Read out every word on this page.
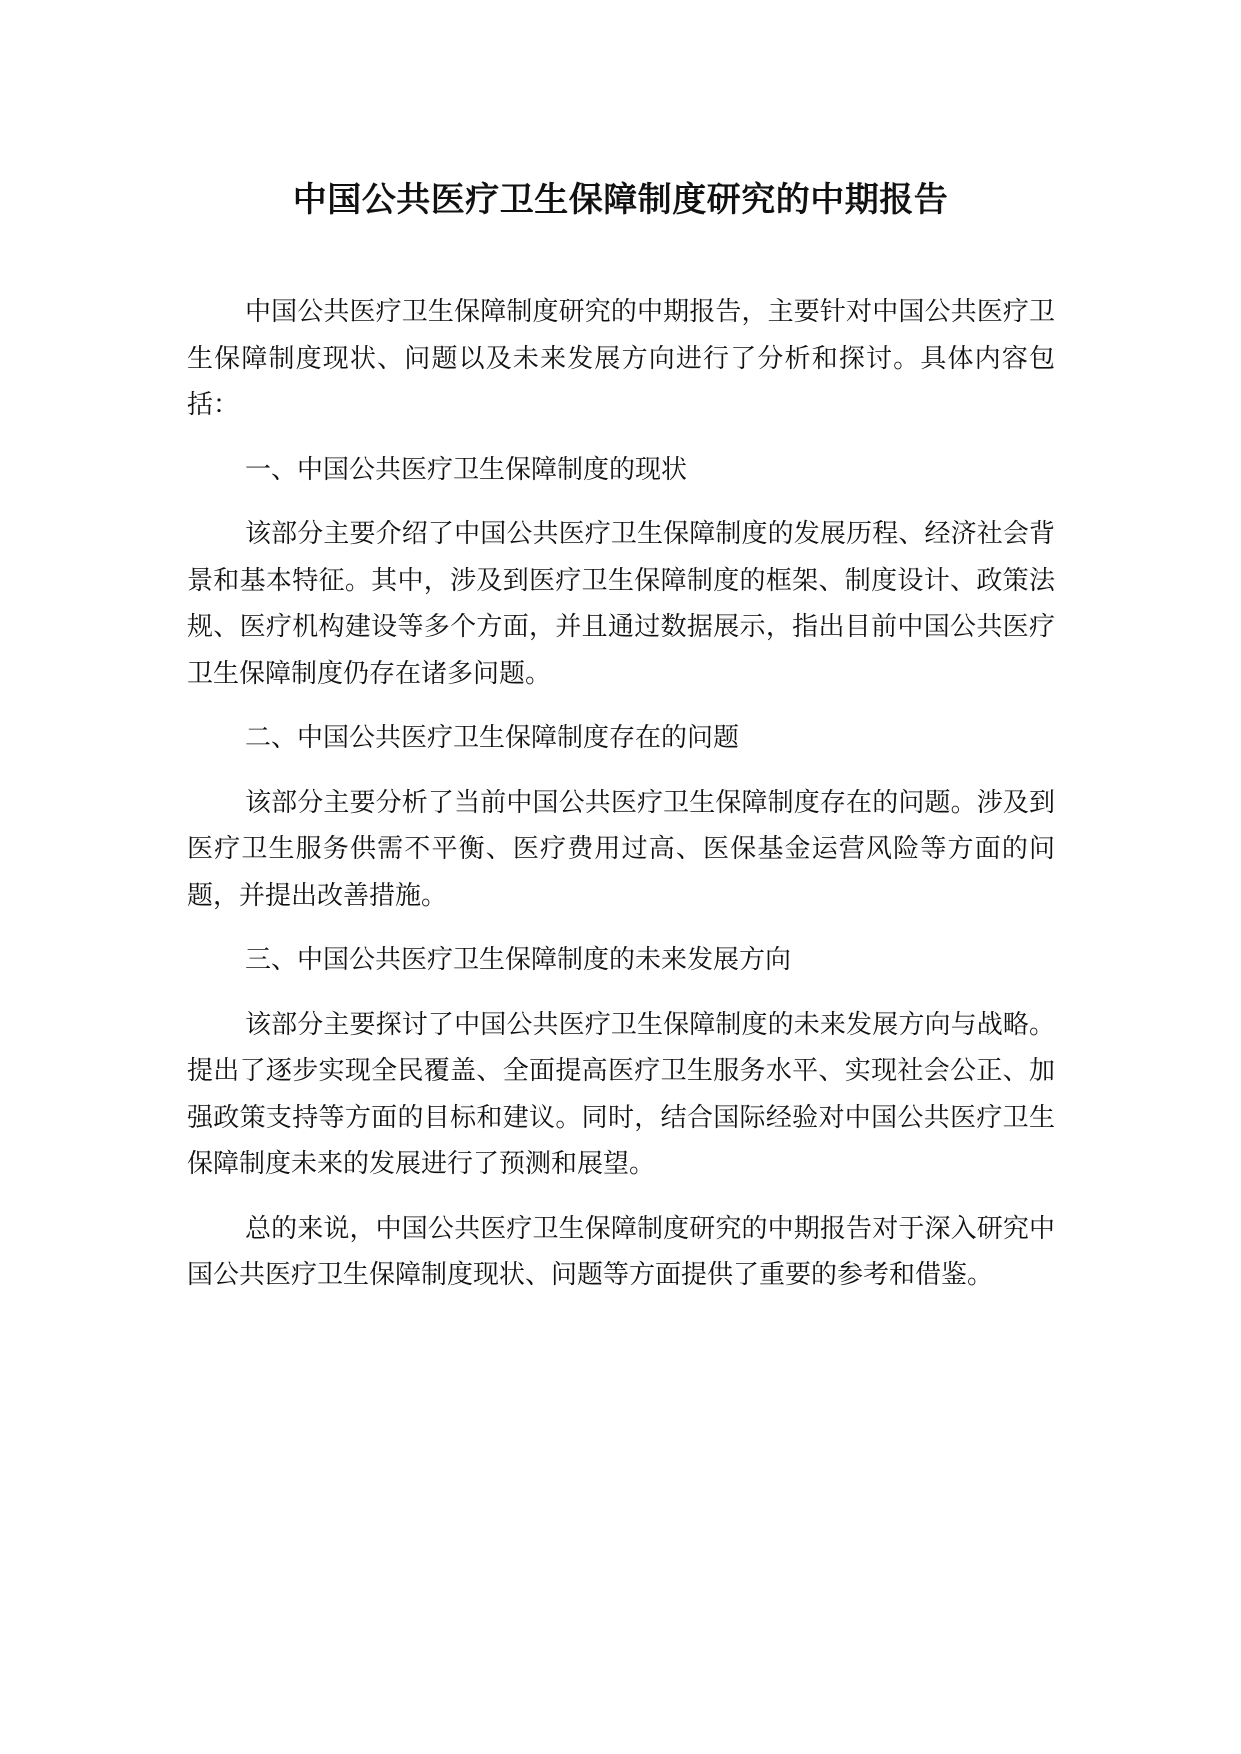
中国公共医疗卫生保障制度研究的中期报告

中国公共医疗卫生保障制度研究的中期报告，主要针对中国公共医疗卫生保障制度现状、问题以及未来发展方向进行了分析和探讨。具体内容包括：

一、中国公共医疗卫生保障制度的现状

该部分主要介绍了中国公共医疗卫生保障制度的发展历程、经济社会背景和基本特征。其中，涉及到医疗卫生保障制度的框架、制度设计、政策法规、医疗机构建设等多个方面，并且通过数据展示，指出目前中国公共医疗卫生保障制度仍存在诸多问题。

二、中国公共医疗卫生保障制度存在的问题

该部分主要分析了当前中国公共医疗卫生保障制度存在的问题。涉及到医疗卫生服务供需不平衡、医疗费用过高、医保基金运营风险等方面的问题，并提出改善措施。

三、中国公共医疗卫生保障制度的未来发展方向

该部分主要探讨了中国公共医疗卫生保障制度的未来发展方向与战略。提出了逐步实现全民覆盖、全面提高医疗卫生服务水平、实现社会公正、加强政策支持等方面的目标和建议。同时，结合国际经验对中国公共医疗卫生保障制度未来的发展进行了预测和展望。

总的来说，中国公共医疗卫生保障制度研究的中期报告对于深入研究中国公共医疗卫生保障制度现状、问题等方面提供了重要的参考和借鉴。
